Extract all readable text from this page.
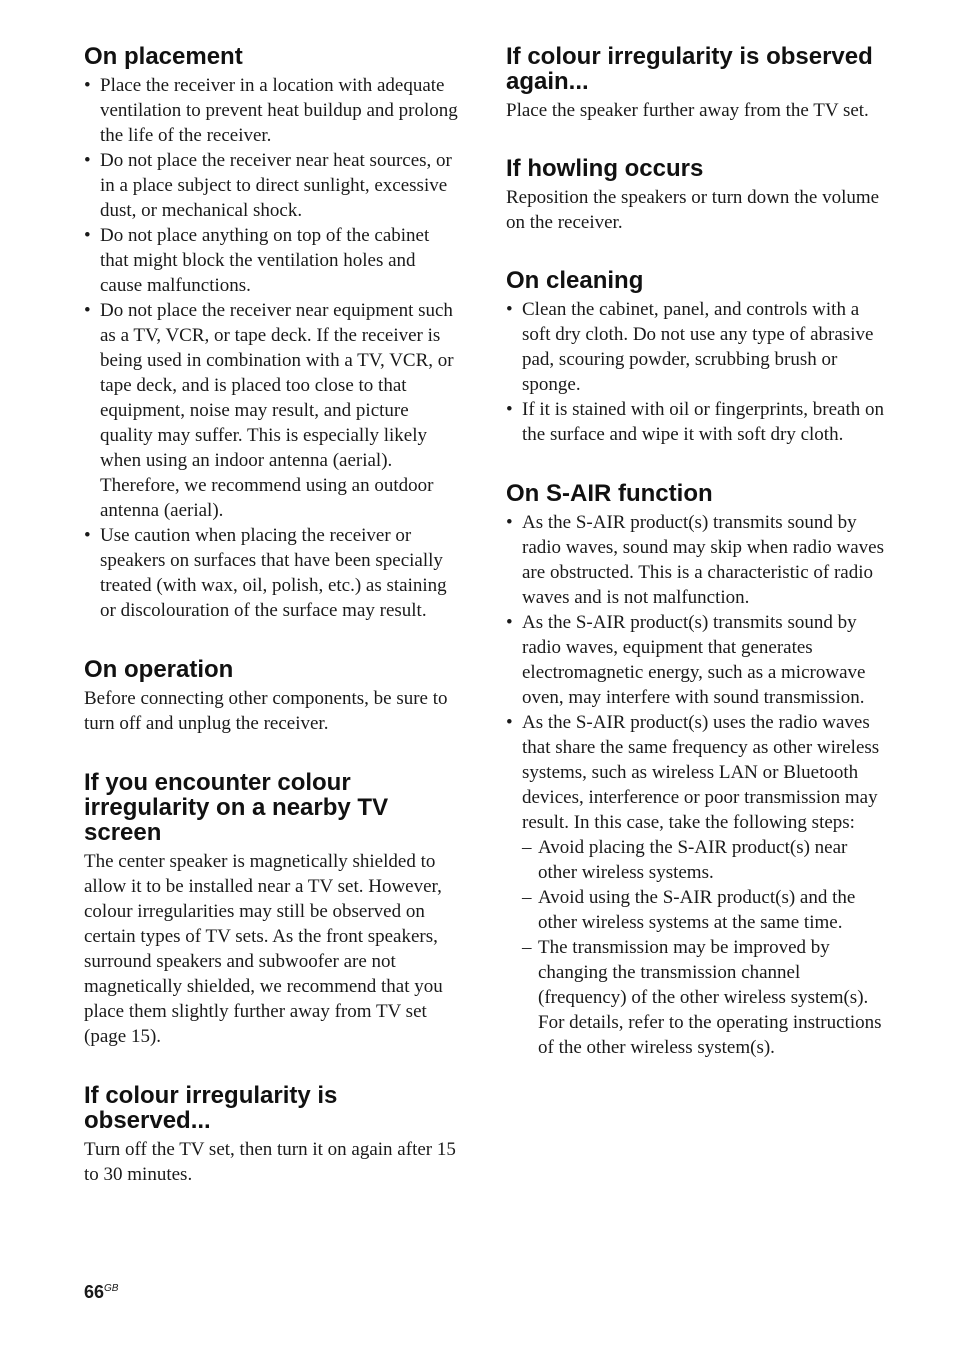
On placement
• Place the receiver in a location with adequate ventilation to prevent heat buildup and prolong the life of the receiver.
• Do not place the receiver near heat sources, or in a place subject to direct sunlight, excessive dust, or mechanical shock.
• Do not place anything on top of the cabinet that might block the ventilation holes and cause malfunctions.
• Do not place the receiver near equipment such as a TV, VCR, or tape deck. If the receiver is being used in combination with a TV, VCR, or tape deck, and is placed too close to that equipment, noise may result, and picture quality may suffer. This is especially likely when using an indoor antenna (aerial). Therefore, we recommend using an outdoor antenna (aerial).
• Use caution when placing the receiver or speakers on surfaces that have been specially treated (with wax, oil, polish, etc.) as staining or discolouration of the surface may result.
On operation

Before connecting other components, be sure to turn off and unplug the receiver.

If you encounter colour irregularity on a nearby TV screen

The center speaker is magnetically shielded to allow it to be installed near a TV set. However, colour irregularities may still be observed on certain types of TV sets. As the front speakers, surround speakers and subwoofer are not magnetically shielded, we recommend that you place them slightly further away from TV set (page 15).

If colour irregularity is observed...

Turn off the TV set, then turn it on again after 15 to 30 minutes.

If colour irregularity is observed again...

Place the speaker further away from the TV set.

If howling occurs

Reposition the speakers or turn down the volume on the receiver.

On cleaning
• Clean the cabinet, panel, and controls with a soft dry cloth. Do not use any type of abrasive pad, scouring powder, scrubbing brush or sponge.
• If it is stained with oil or fingerprints, breath on the surface and wipe it with soft dry cloth.
On S-AIR function
• As the S-AIR product(s) transmits sound by radio waves, sound may skip when radio waves are obstructed. This is a characteristic of radio waves and is not malfunction.
• As the S-AIR product(s) transmits sound by radio waves, equipment that generates electromagnetic energy, such as a microwave oven, may interfere with sound transmission.
• As the S-AIR product(s) uses the radio waves that share the same frequency as other wireless systems, such as wireless LAN or Bluetooth devices, interference or poor transmission may result. In this case, take the following steps:
– Avoid placing the S-AIR product(s) near other wireless systems.
– Avoid using the S-AIR product(s) and the other wireless systems at the same time.
– The transmission may be improved by changing the transmission channel (frequency) of the other wireless system(s). For details, refer to the operating instructions of the other wireless system(s).
$66^{GB}$
